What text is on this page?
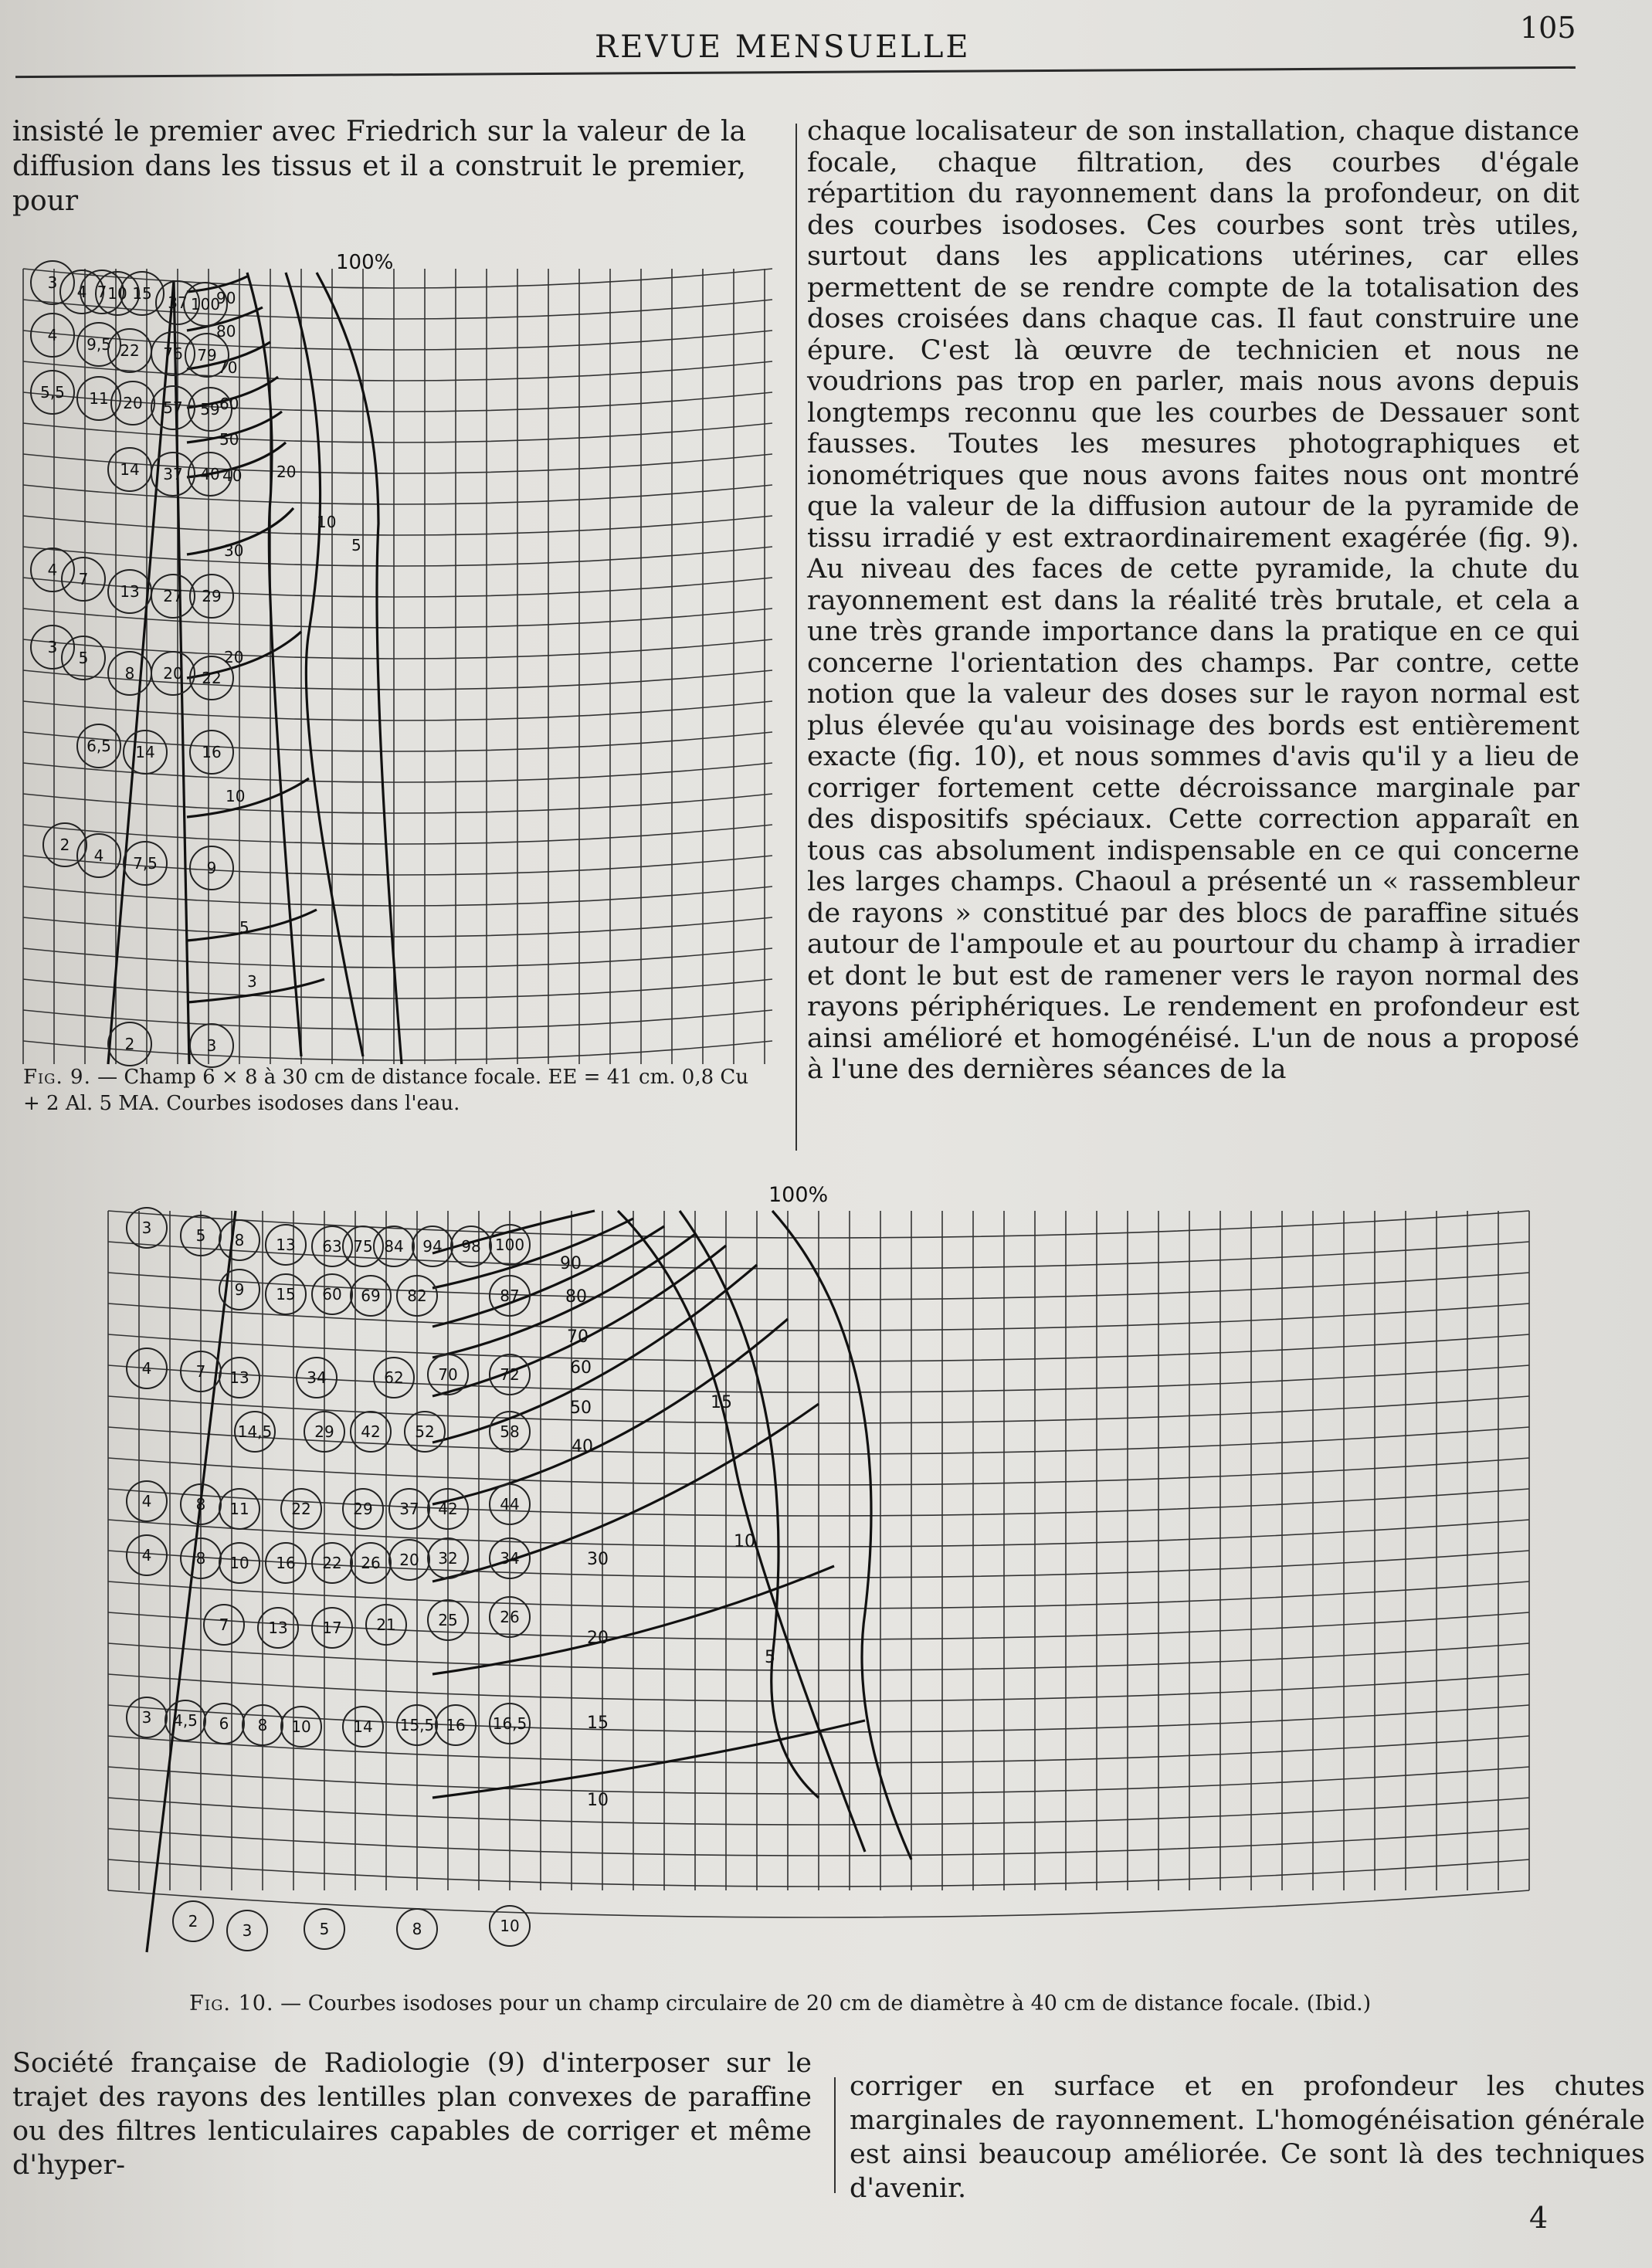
REVUE MENSUELLE
105

insisté le premier avec Friedrich sur la valeur de la diffusion dans les tissus et il a construit le premier, pour

3 4 7 10 15 37 100
4 9,5 22 76 79
5,5 11 20 57 59
14 37 40
4 7
13 27 29
3
5
8 20 22
6,5 14	16
2
4 7,5	9
2	3
90
80
70
60
50
40
30
20
10
5
3
20
10
5
100%
Fig. 9. — Champ 6 × 8 à 30 cm de distance focale. EE = 41 cm. 0,8 Cu + 2 Al. 5 MA. Courbes isodoses dans l'eau.

chaque localisateur de son installation, chaque distance focale, chaque filtration, des courbes d'égale répartition du rayonnement dans la profondeur, on dit des courbes isodoses. Ces courbes sont très utiles, surtout dans les applications utérines, car elles permettent de se rendre compte de la totalisation des doses croisées dans chaque cas. Il faut construire une épure. C'est là œuvre de technicien et nous ne voudrions pas trop en parler, mais nous avons depuis longtemps reconnu que les courbes de Dessauer sont fausses. Toutes les mesures photographiques et ionométriques que nous avons faites nous ont montré que la valeur de la diffusion autour de la pyramide de tissu irradié y est extraordinairement exagérée (fig. 9). Au niveau des faces de cette pyramide, la chute du rayonnement est dans la réalité très brutale, et cela a une très grande importance dans la pratique en ce qui concerne l'orientation des champs. Par contre, cette notion que la valeur des doses sur le rayon normal est plus élevée qu'au voisinage des bords est entièrement exacte (fig. 10), et nous sommes d'avis qu'il y a lieu de corriger fortement cette décroissance marginale par des dispositifs spéciaux. Cette correction apparaît en tous cas absolument indispensable en ce qui concerne les larges champs. Chaoul a présenté un « rassembleur de rayons » constitué par des blocs de paraffine situés autour de l'ampoule et au pourtour du champ à irradier et dont le but est de ramener vers le rayon normal des rayons périphériques. Le rendement en profondeur est ainsi amélioré et homogénéisé. L'un de nous a proposé à l'une des dernières séances de la

3	5 8 13 63 75 84 94 98 100
9 15 60 69 82	87
4	7 13	34	62 70	72
14,5	29 42 52	58
4	8 11	22	29 37 42	44
4	8 10 16 22 26 20 32	34
7	13 17 21	25	26
3 4,5 6 8 10	14 15,5 16 16,5
2	3	5	8	10
90
80
70
60
50
40
30
20
15
10
15
10
5
100%
Fig. 10. — Courbes isodoses pour un champ circulaire de 20 cm de diamètre à 40 cm de distance focale. (Ibid.)

Société française de Radiologie (9) d'interposer sur le trajet des rayons des lentilles plan convexes de paraffine ou des filtres lenticulaires capables de corriger et même d'hyper-

corriger en surface et en profondeur les chutes marginales de rayonnement. L'homogénéisation générale est ainsi beaucoup améliorée. Ce sont là des techniques d'avenir.

4
